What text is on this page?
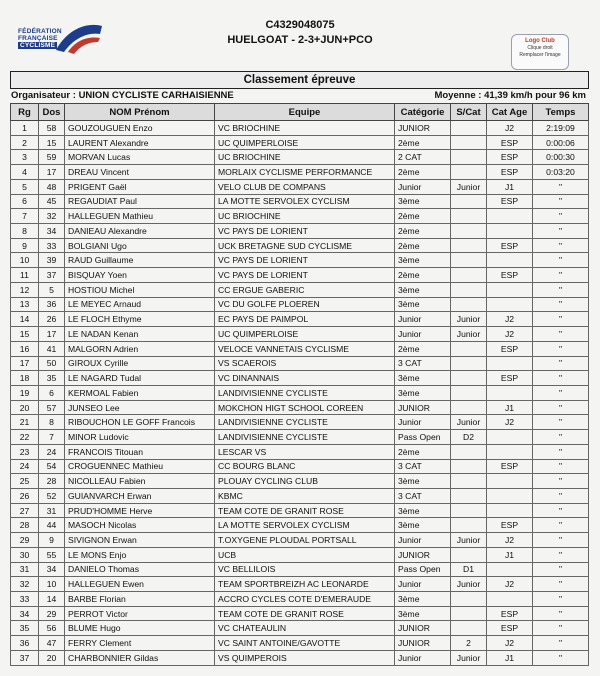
FÉDÉRATION
FRANÇAISE
CYCLISME
C4329048075
HUELGOAT - 2-3+JUN+PCO	Logo Club
Clique droit
Remplacer l'image
Classement épreuve
Organisateur : UNION CYCLISTE CARHAISIENNE	Moyenne : 41,39 km/h pour 96 km
Rg	Dos	NOM Prénom	Equipe	Catégorie	S/Cat	Cat Age	Temps
1	58	GOUZOUGUEN Enzo	VC BRIOCHINE	JUNIOR		J2	2:19:09
2	15	LAURENT Alexandre	UC QUIMPERLOISE	2ème		ESP	0:00:06
3	59	MORVAN Lucas	UC BRIOCHINE	2 CAT		ESP	0:00:30
4	17	DREAU Vincent	MORLAIX CYCLISME PERFORMANCE	2ème		ESP	0:03:20
5	48	PRIGENT Gaël	VELO CLUB DE COMPANS	Junior	Junior	J1	"
6	45	REGAUDIAT Paul	LA MOTTE SERVOLEX CYCLISM	3ème		ESP	"
7	32	HALLEGUEN Mathieu	UC BRIOCHINE	2ème			"
8	34	DANIEAU Alexandre	VC PAYS DE LORIENT	2ème			"
9	33	BOLGIANI Ugo	UCK BRETAGNE SUD CYCLISME	2ème		ESP	"
10	39	RAUD Guillaume	VC PAYS DE LORIENT	3ème			"
11	37	BISQUAY Yoen	VC PAYS DE LORIENT	2ème		ESP	"
12	5	HOSTIOU Michel	CC ERGUE GABERIC	3ème			"
13	36	LE MEYEC Arnaud	VC DU GOLFE PLOEREN	3ème			"
14	26	LE FLOCH Ethyme	EC PAYS DE PAIMPOL	Junior	Junior	J2	"
15	17	LE NADAN Kenan	UC QUIMPERLOISE	Junior	Junior	J2	"
16	41	MALGORN Adrien	VELOCE VANNETAIS CYCLISME	2ème		ESP	"
17	50	GIROUX Cyrille	VS SCAEROIS	3 CAT			"
18	35	LE NAGARD Tudal	VC DINANNAIS	3ème		ESP	"
19	6	KERMOAL Fabien	LANDIVISIENNE CYCLISTE	3ème			"
20	57	JUNSEO Lee	MOKCHON HIGT SCHOOL COREEN	JUNIOR		J1	"
21	8	RIBOUCHON LE GOFF Francois	LANDIVISIENNE CYCLISTE	Junior	Junior	J2	"
22	7	MINOR Ludovic	LANDIVISIENNE CYCLISTE	Pass Open	D2		"
23	24	FRANCOIS Titouan	LESCAR VS	2ème			"
24	54	CROGUENNEC Mathieu	CC BOURG BLANC	3 CAT		ESP	"
25	28	NICOLLEAU Fabien	PLOUAY CYCLING CLUB	3ème			"
26	52	GUIANVARCH Erwan	KBMC	3 CAT			"
27	31	PRUD'HOMME Herve	TEAM COTE DE GRANIT ROSE	3ème			"
28	44	MASOCH Nicolas	LA MOTTE SERVOLEX CYCLISM	3ème		ESP	"
29	9	SIVIGNON Erwan	T.OXYGENE PLOUDAL PORTSALL	Junior	Junior	J2	"
30	55	LE MONS Enjo	UCB	JUNIOR		J1	"
31	34	DANIELO Thomas	VC BELLILOIS	Pass Open	D1		"
32	10	HALLEGUEN Ewen	TEAM SPORTBREIZH AC LEONARDE	Junior	Junior	J2	"
33	14	BARBE Florian	ACCRO CYCLES COTE D'EMERAUDE	3ème			"
34	29	PERROT Victor	TEAM COTE DE GRANIT ROSE	3ème		ESP	"
35	56	BLUME Hugo	VC CHATEAULIN	JUNIOR		ESP	"
36	47	FERRY Clement	VC SAINT ANTOINE/GAVOTTE	JUNIOR	2	J2	"
37	20	CHARBONNIER Gildas	VS QUIMPEROIS	Junior	Junior	J1	"
